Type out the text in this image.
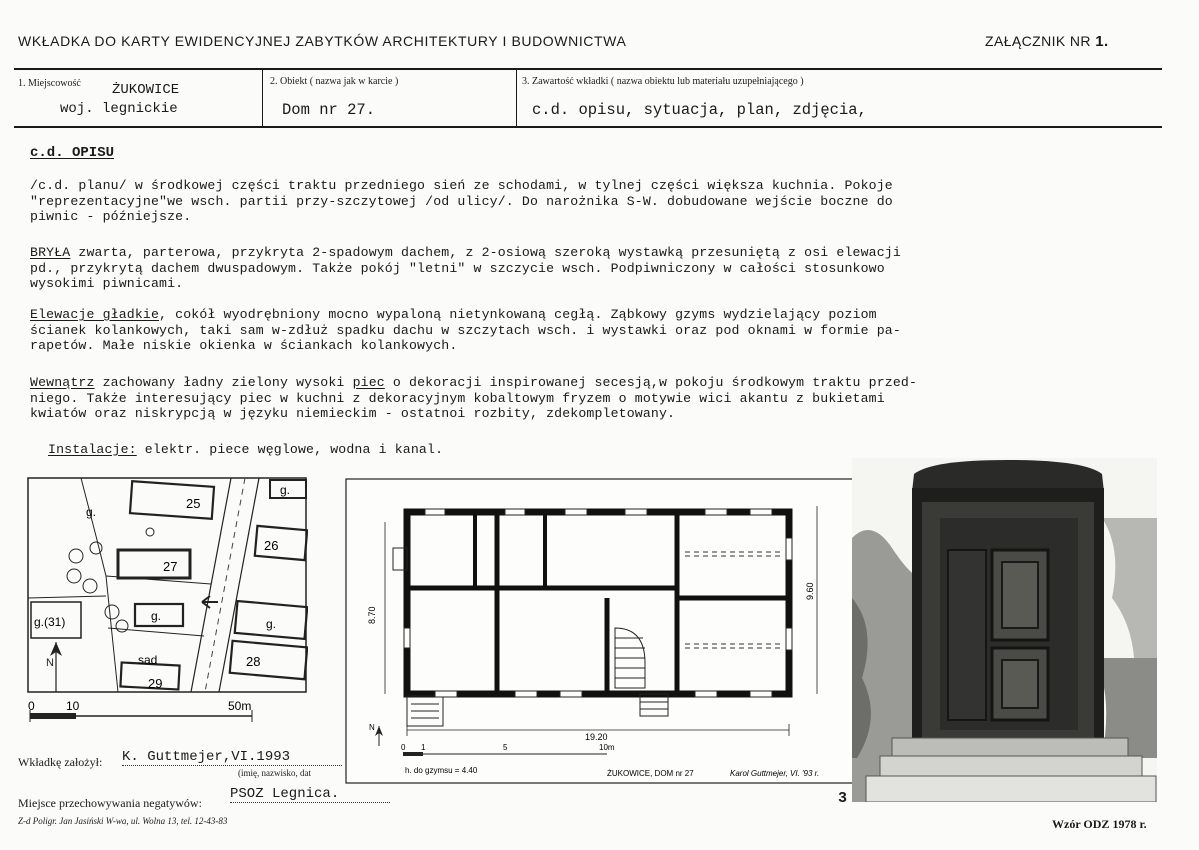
WKŁADKA DO KARTY EWIDENCYJNEJ ZABYTKÓW ARCHITEKTURY I BUDOWNICTWA	ZAŁĄCZNIK NR 1.
1. Miejscowość ŻUKOWICE
woj. legnickie
2. Obiekt ( nazwa jak w karcie )
Dom nr 27.
3. Zawartość wkładki ( nazwa obiektu lub materiału uzupełniającego )
c.d. opisu, sytuacja, plan, zdjęcia,
c.d. OPISU
/c.d. planu/ w środkowej części traktu przedniego sień ze schodami, w tylnej części większa kuchnia. Pokoje
"reprezentacyjne"we wsch. partii przy-szczytowej /od ulicy/. Do narożnika S-W. dobudowane wejście boczne do
piwnic - późniejsze.
BRYŁA zwarta, parterowa, przykryta 2-spadowym dachem, z 2-osiową szeroką wystawką przesuniętą z osi elewacji
pd., przykrytą dachem dwuspadowym. Także pokój "letni" w szczycie wsch. Podpiwniczony w całości stosunkowo
wysokimi piwnicami.
Elewacje gładkie, cokół wyodrębniony mocno wypaloną nietynkowaną cegłą. Ząbkowy gzyms wydzielający poziom
ścianek kolankowych, taki sam w-zdłuż spadku dachu w szczytach wsch. i wystawki oraz pod oknami w formie pa-
rapetów. Małe niskie okienka w ściankach kolankowych.
Wewnątrz zachowany ładny zielony wysoki piec o dekoracji inspirowanej secesją,w pokoju środkowym traktu przed-
niego. Także interesujący piec w kuchni z dekoracyjnym kobaltowym fryzem o motywie wici akantu z bukietami
kwiatów oraz niskrypcją w języku niemieckim - ostatnoi rozbity, zdekompletowany.
Instalacje: elektr. piece węglowe, wodna i kanal.
N
g.
25
g.
26
27
g.(31)	g.
g.
sad	28
29
0	10	50m
19.20
8.70
9.60
N
0 1	5	10m
h. do gzymsu = 4.40	ŻUKOWICE, DOM nr 27	Karol Guttmejer, VI. '93 r.
3
Wkładkę założył: K. Guttmejer,VI.1993
(imię, nazwisko, dat
Miejsce przechowywania negatywów:
PSOZ Legnica.
Z-d Poligr. Jan Jasiński W-wa, ul. Wolna 13, tel. 12-43-83	Wzór ODZ 1978 r.
